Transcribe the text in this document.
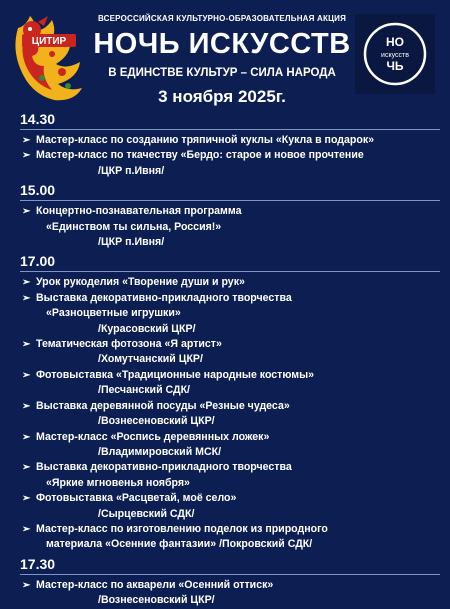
ЦИТИР
ВСЕРОССИЙСКАЯ КУЛЬТУРНО-ОБРАЗОВАТЕЛЬНАЯ АКЦИЯ
НОЧЬ ИСКУССТВ
В ЕДИНСТВЕ КУЛЬТУР – СИЛА НАРОДА
3 ноября 2025г.
НО
искусств
ЧЬ
14.30
➢ Мастер-класс по созданию тряпичной куклы «Кукла в подарок»
➢ Мастер-класс по ткачеству «Бердо: старое и новое прочтение
/ЦКР п.Ивня/
15.00
➢ Концертно-познавательная программа
«Единством ты сильна, Россия!»
/ЦКР п.Ивня/
17.00
➢ Урок рукоделия «Творение души и рук»
➢ Выставка декоративно-прикладного творчества
«Разноцветные игрушки»
/Курасовский ЦКР/
➢ Тематическая фотозона «Я артист»
/Хомутчанский ЦКР/
➢ Фотовыставка «Традиционные народные костюмы»
/Песчанский СДК/
➢ Выставка деревянной посуды «Резные чудеса»
/Вознесеновский ЦКР/
➢ Мастер-класс «Роспись деревянных ложек»
/Владимировский МСК/
➢ Выставка декоративно-прикладного творчества
«Яркие мгновенья ноября»
➢ Фотовыставка «Расцветай, моё село»
/Сырцевский СДК/
➢ Мастер-класс по изготовлению поделок из природного
материала «Осенние фантазии» /Покровский СДК/
17.30
➢ Мастер-класс по акварели «Осенний оттиск»
/Вознесеновский ЦКР/
